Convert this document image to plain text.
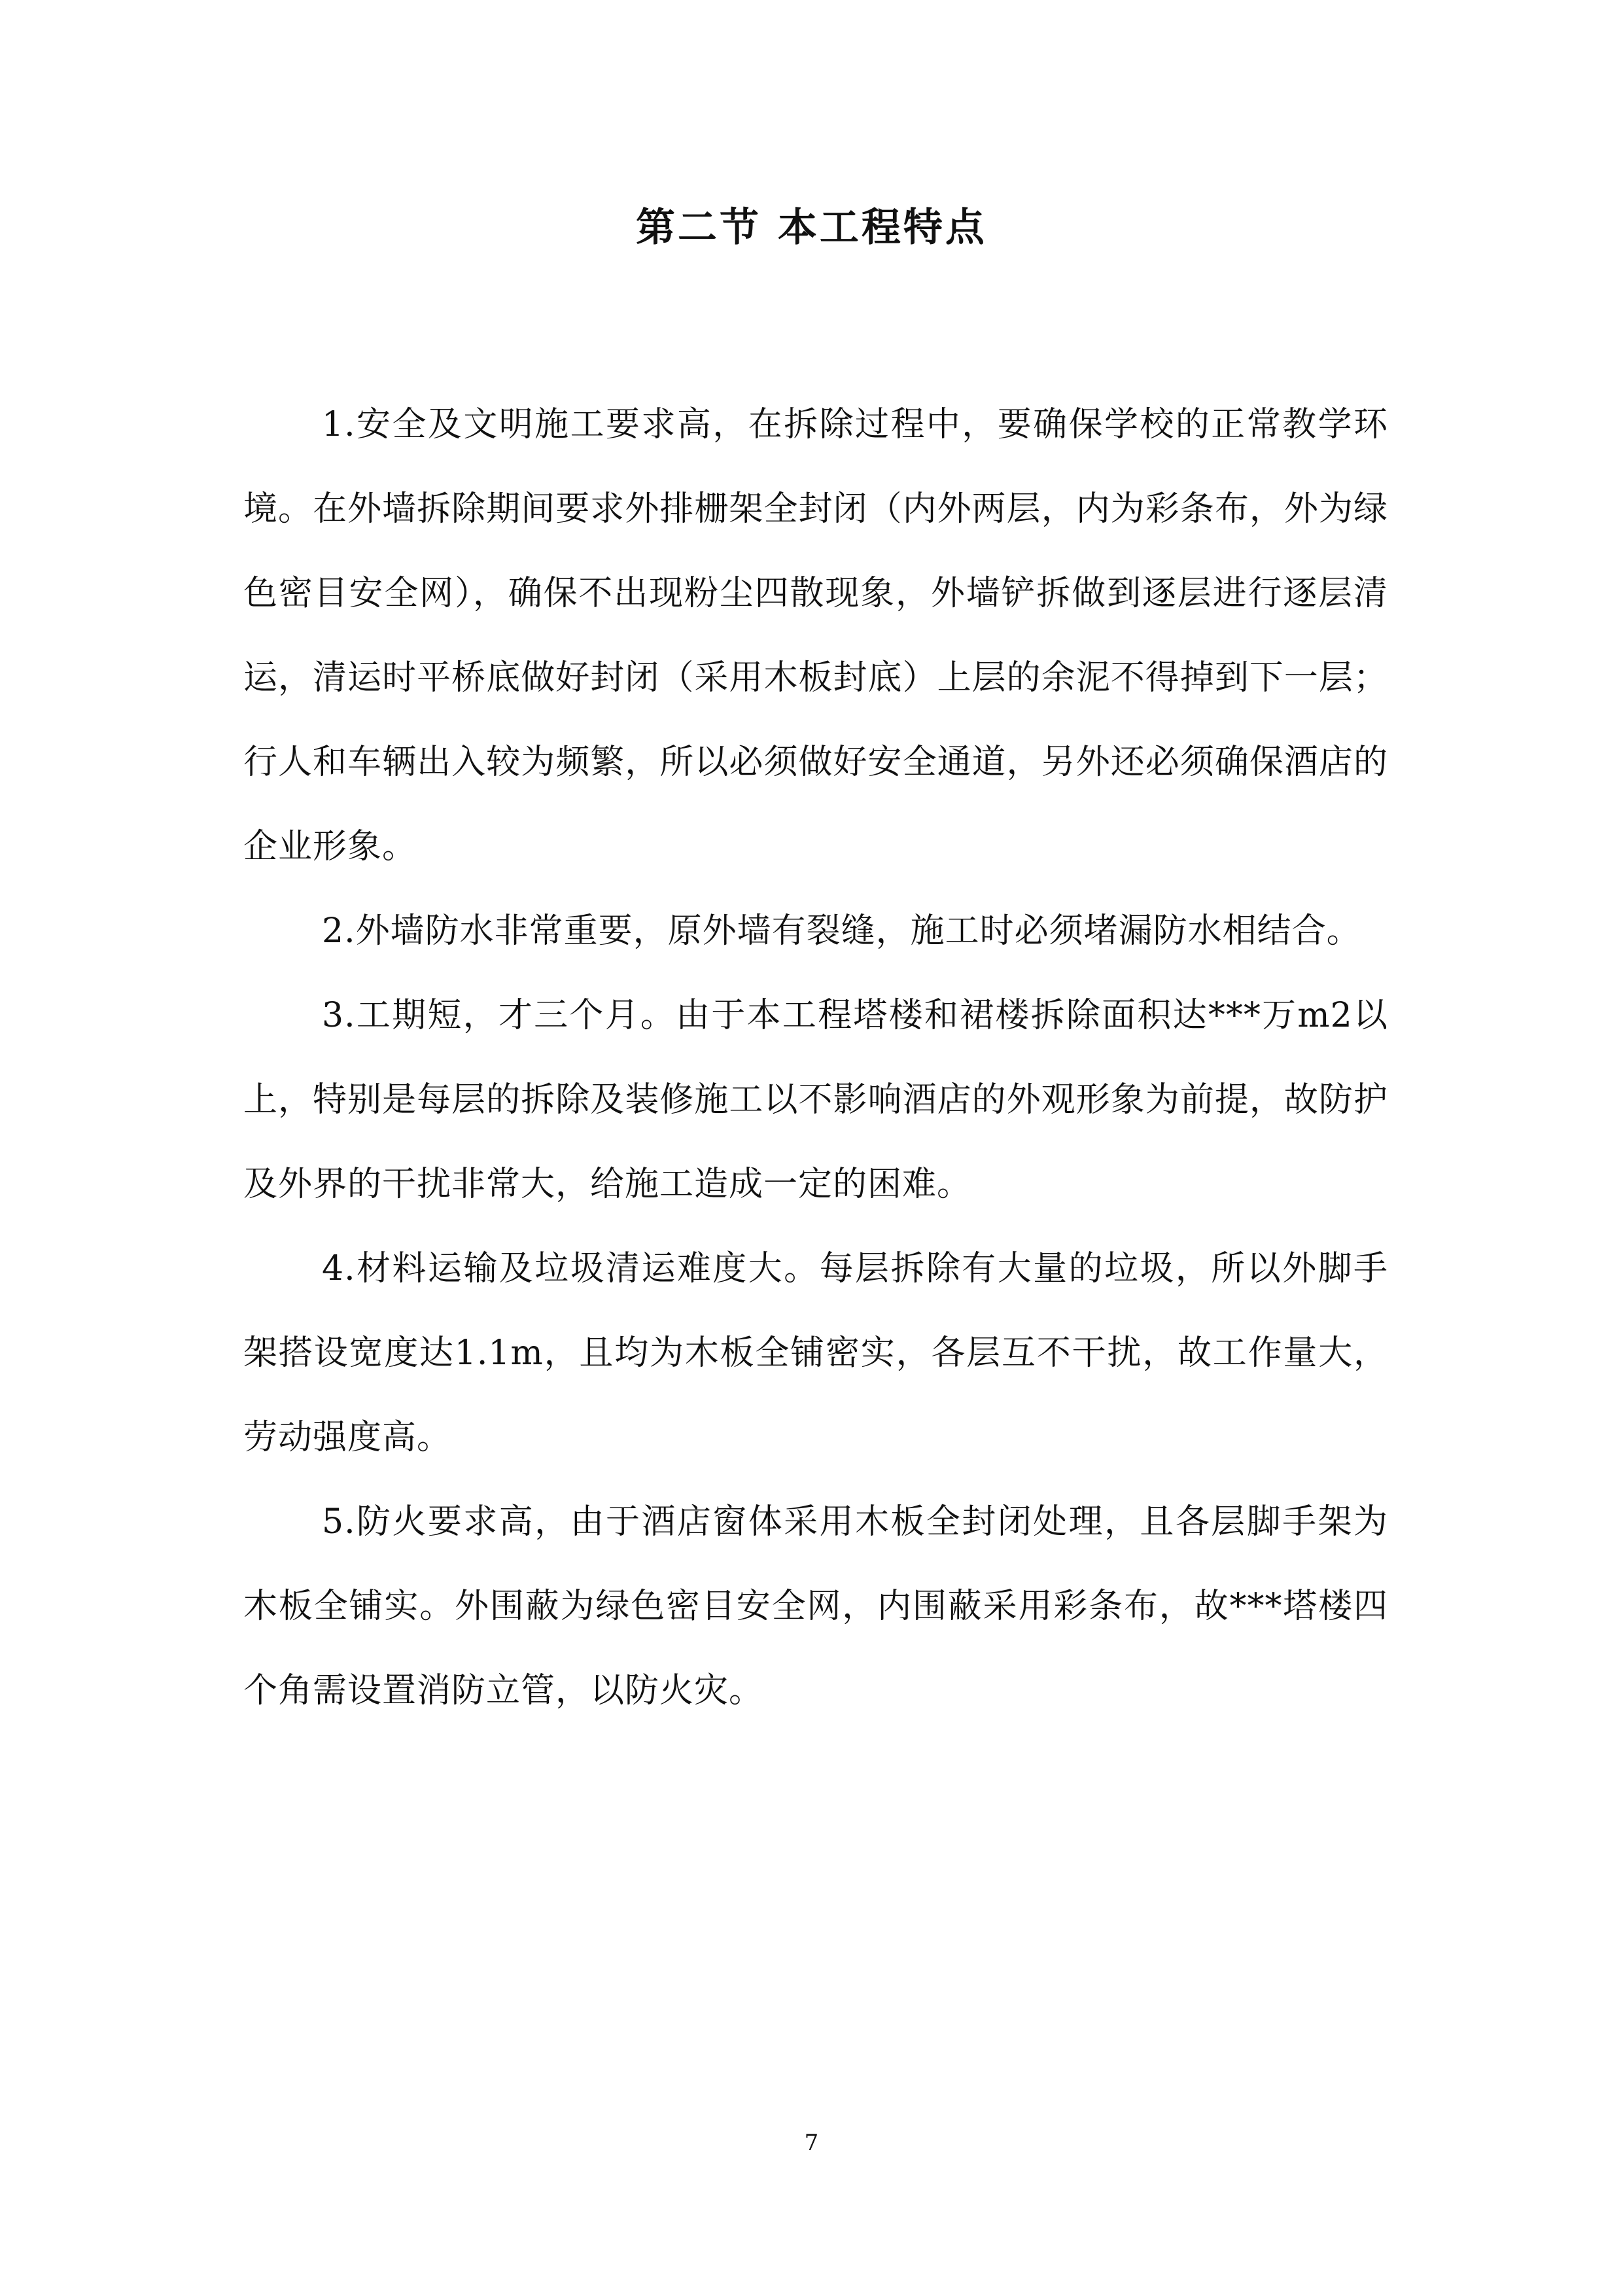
第二节 本工程特点

1.安全及文明施工要求高，在拆除过程中，要确保学校的正常教学环境。在外墙拆除期间要求外排栅架全封闭（内外两层，内为彩条布，外为绿色密目安全网），确保不出现粉尘四散现象，外墙铲拆做到逐层进行逐层清运，清运时平桥底做好封闭（采用木板封底）上层的余泥不得掉到下一层；行人和车辆出入较为频繁，所以必须做好安全通道，另外还必须确保酒店的企业形象。

2.外墙防水非常重要，原外墙有裂缝，施工时必须堵漏防水相结合。

3.工期短，才三个月。由于本工程塔楼和裙楼拆除面积达***万m2以上，特别是每层的拆除及装修施工以不影响酒店的外观形象为前提，故防护及外界的干扰非常大，给施工造成一定的困难。

4.材料运输及垃圾清运难度大。每层拆除有大量的垃圾，所以外脚手架搭设宽度达1.1m，且均为木板全铺密实，各层互不干扰，故工作量大，劳动强度高。

5.防火要求高，由于酒店窗体采用木板全封闭处理，且各层脚手架为木板全铺实。外围蔽为绿色密目安全网，内围蔽采用彩条布，故***塔楼四个角需设置消防立管，以防火灾。

7
